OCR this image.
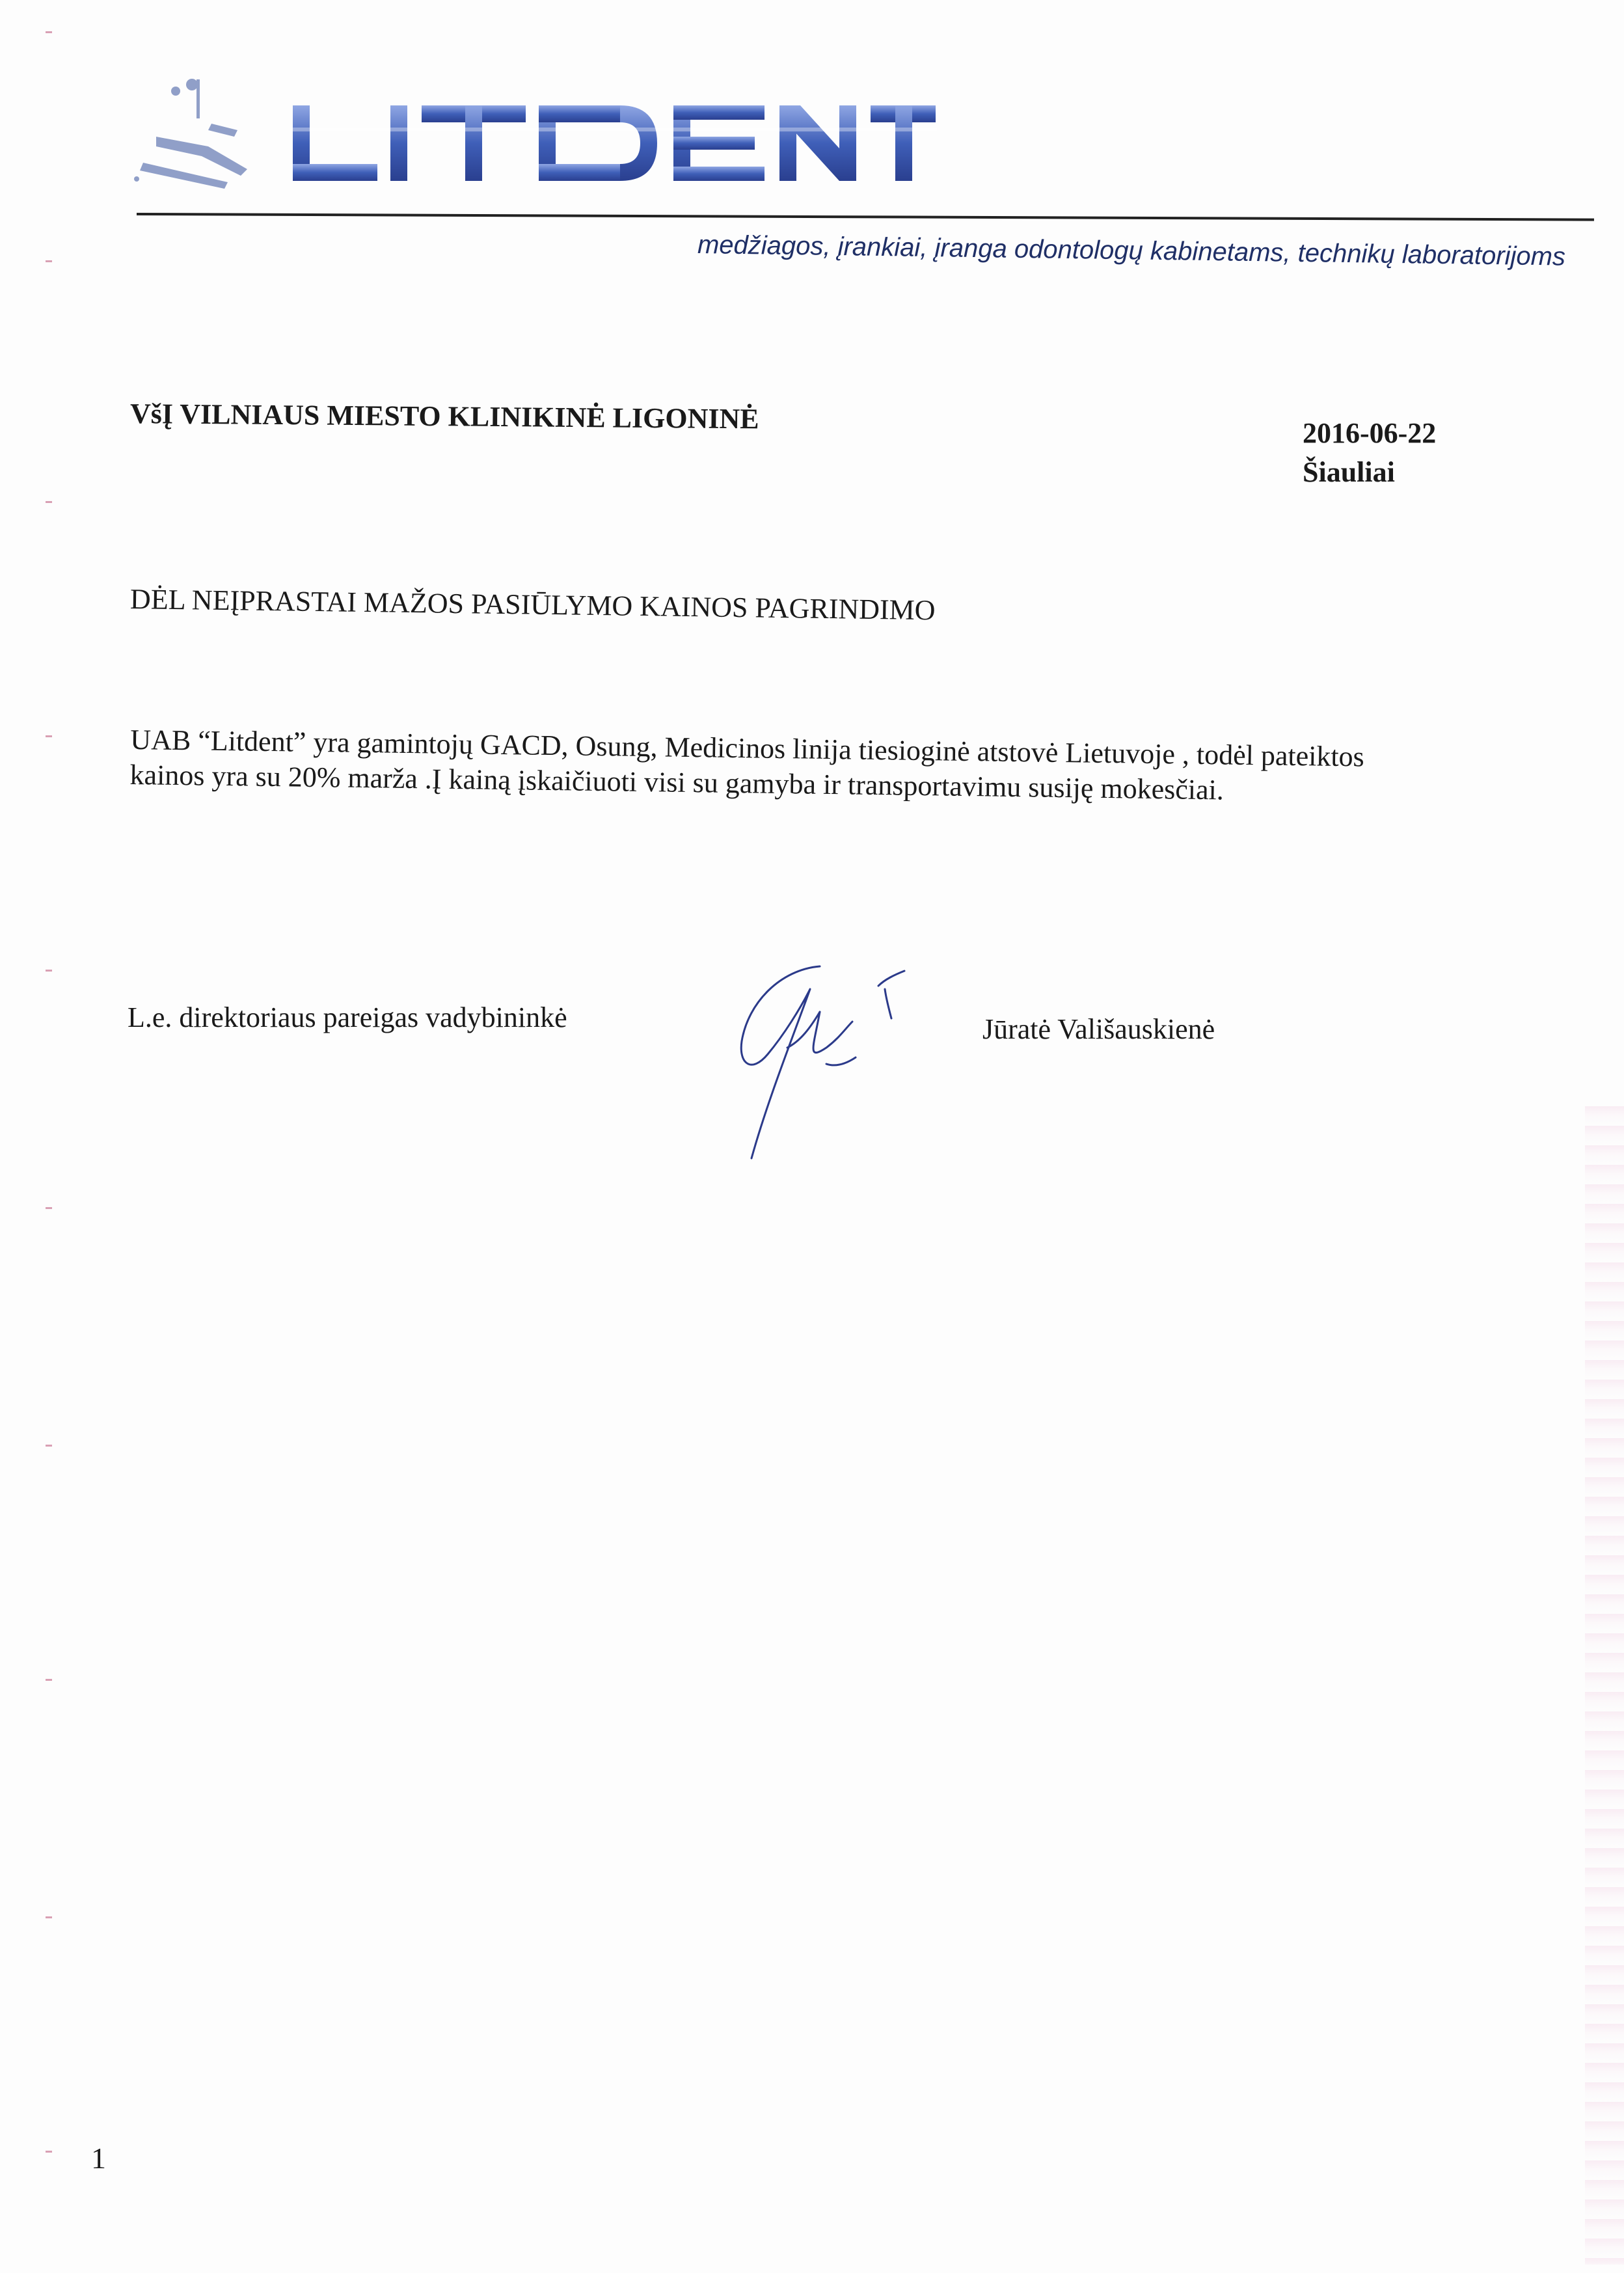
medžiagos, įrankiai, įranga odontologų kabinetams, technikų laboratorijoms
VšĮ VILNIAUS MIESTO KLINIKINĖ LIGONINĖ	2016-06-22
Šiauliai
DĖL NEĮPRASTAI MAŽOS PASIŪLYMO KAINOS PAGRINDIMO
UAB “Litdent” yra gamintojų GACD, Osung, Medicinos linija tiesioginė atstovė Lietuvoje , todėl pateiktos
kainos yra su 20% marža .Į kainą įskaičiuoti visi su gamyba ir transportavimu susiję mokesčiai.
L.e. direktoriaus pareigas vadybininkė	Jūratė Vališauskienė
1
